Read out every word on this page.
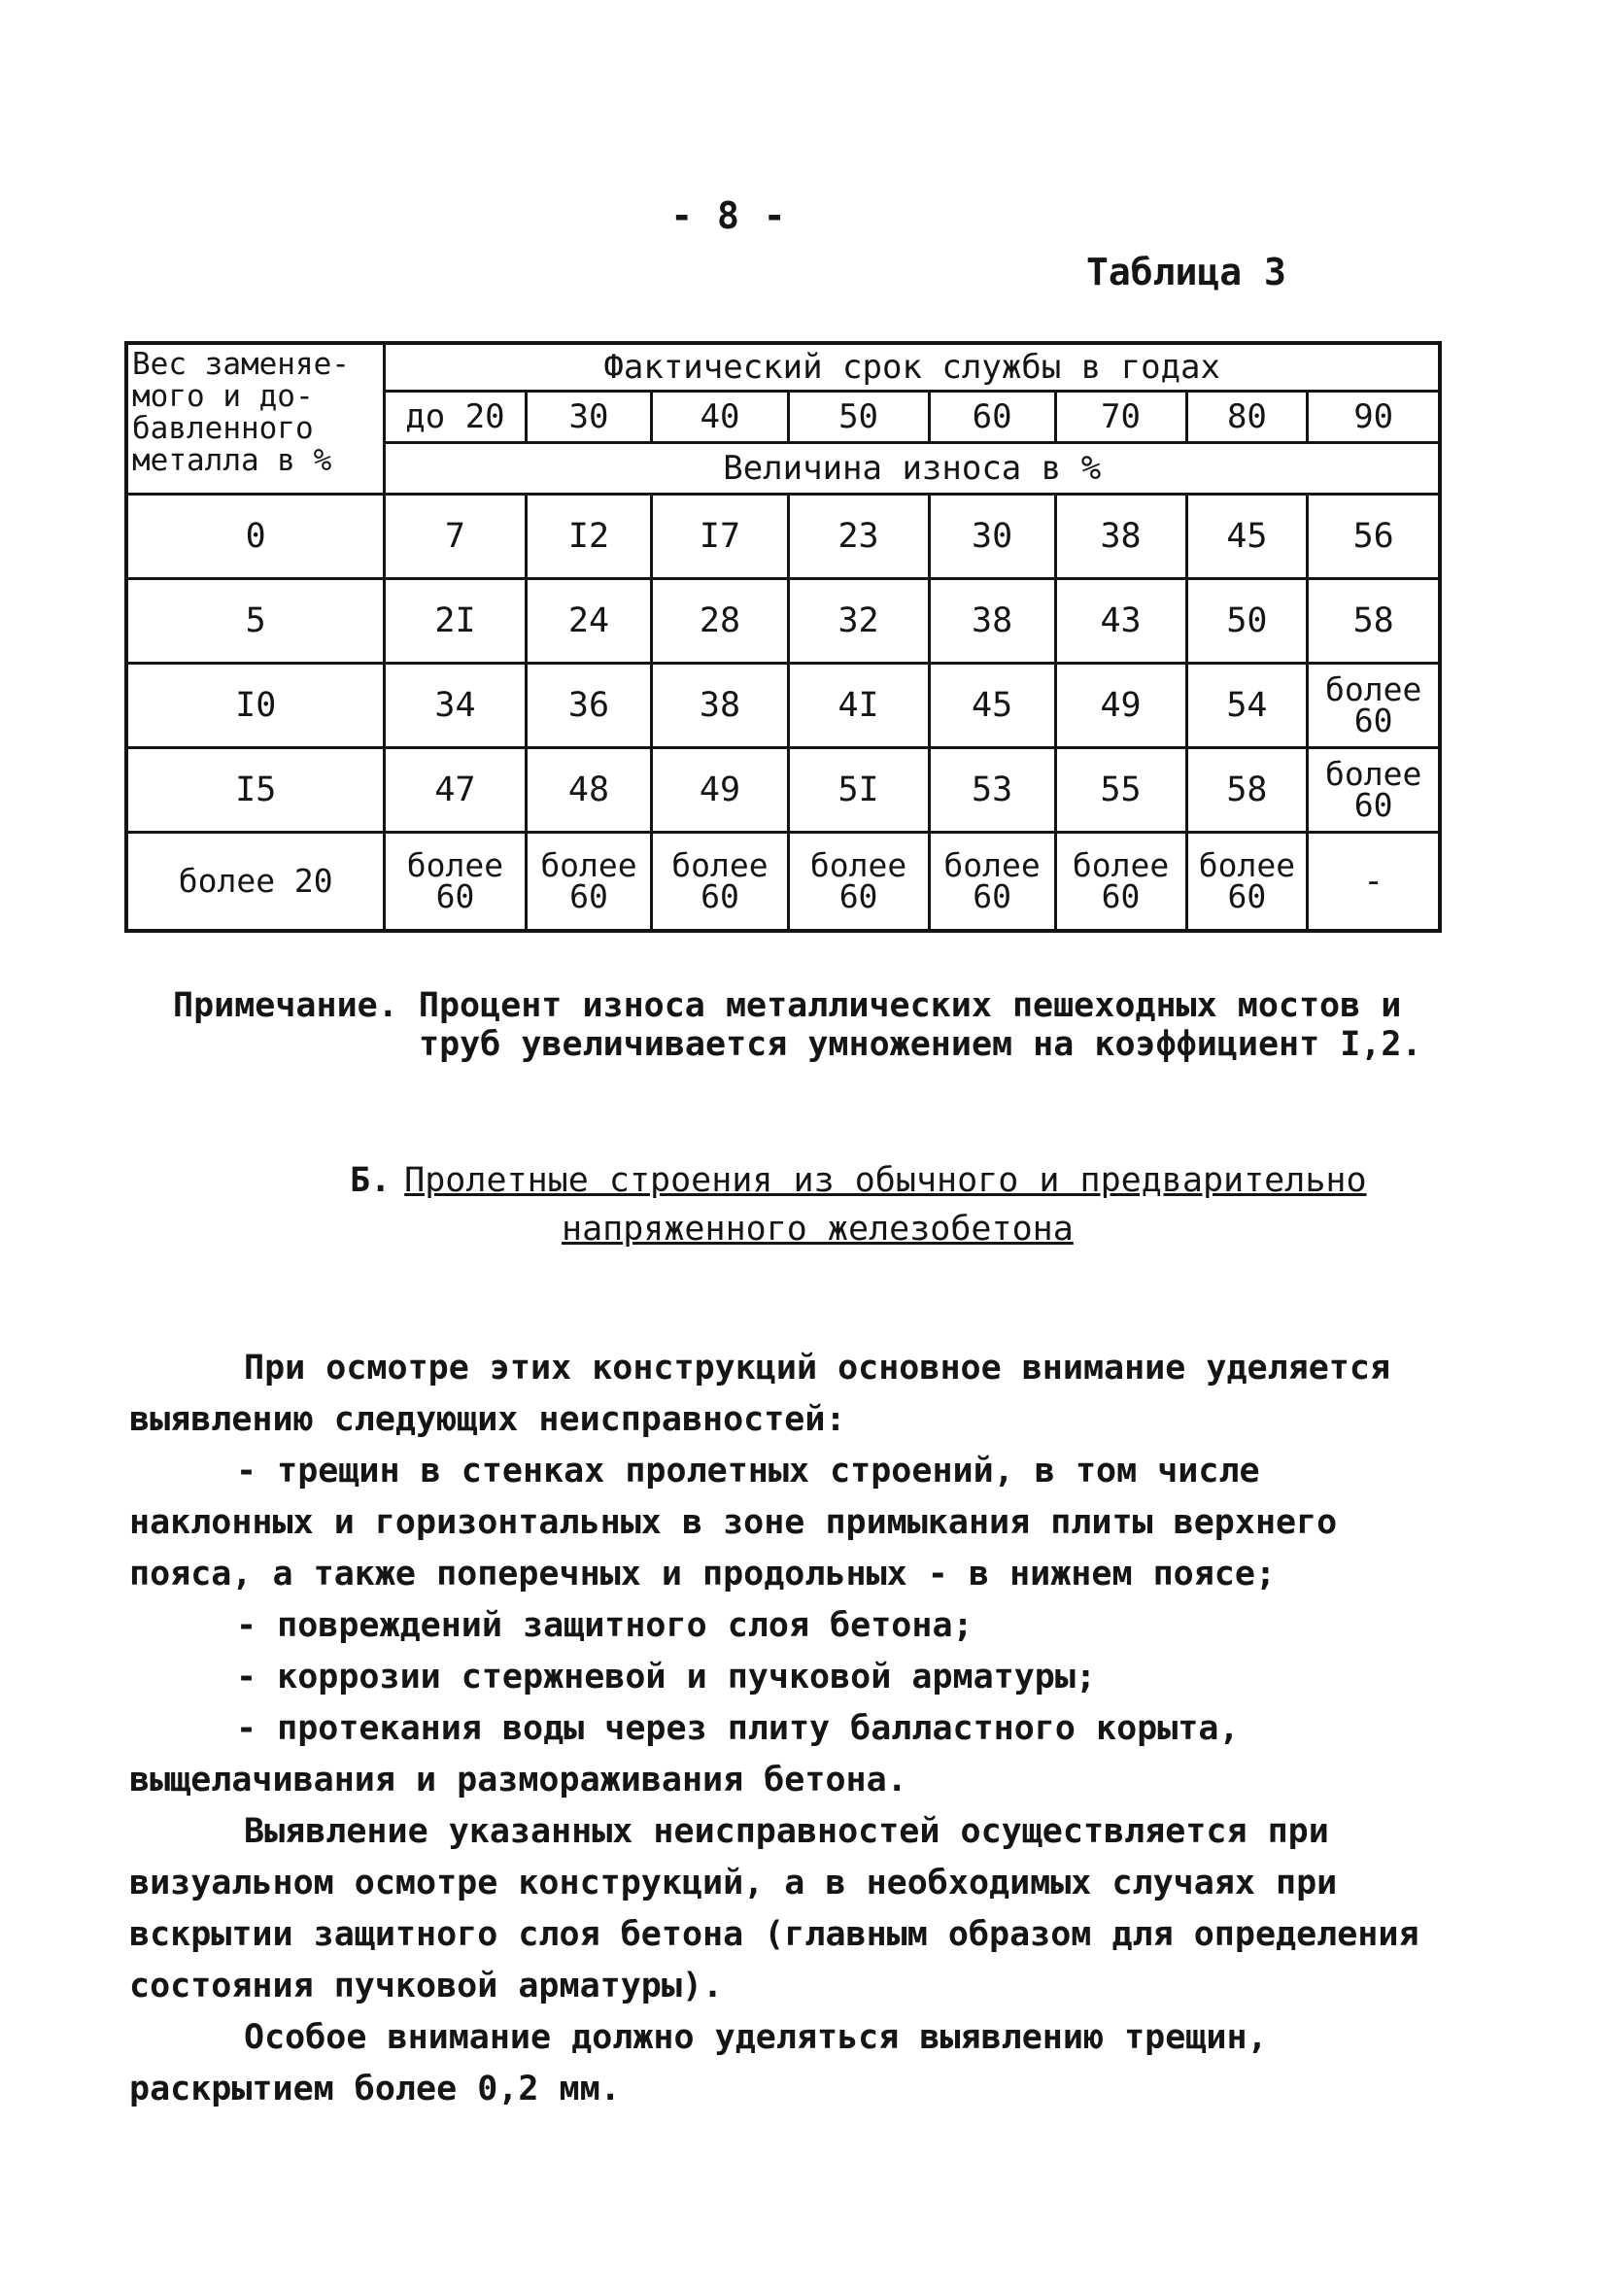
- 8 -
Таблица 3
Вес заменяе-мого и до-бавленного металла в %	Фактический срок службы в годах							
	до 20	30	40	50	60	70	80	90
	Величина износа в %							
0	7	I2	I7	23	30	38	45	56
5	2I	24	28	32	38	43	50	58
I0	34	36	38	4I	45	49	54	более 60
I5	47	48	49	5I	53	55	58	более 60
более 20	более 60	более 60	более 60	более 60	более 60	более 60	более 60	-
Примечание. Процент износа металлических пешеходных мостов и
труб увеличивается умножением на коэффициент I,2.
Б. Пролетные строения из обычного и предварительно
напряженного железобетона

При осмотре этих конструкций основное внимание уделяется выявлению следующих неисправностей:

- трещин в стенках пролетных строений, в том числе наклонных и горизонтальных в зоне примыкания плиты верхнего пояса, а также поперечных и продольных - в нижнем поясе;

- повреждений защитного слоя бетона;

- коррозии стержневой и пучковой арматуры;

- протекания воды через плиту балластного корыта, выщелачивания и размораживания бетона.

Выявление указанных неисправностей осуществляется при визуальном осмотре конструкций, а в необходимых случаях при вскрытии защитного слоя бетона (главным образом для определения состояния пучковой арматуры).

Особое внимание должно уделяться выявлению трещин, раскрытием более 0,2 мм.
